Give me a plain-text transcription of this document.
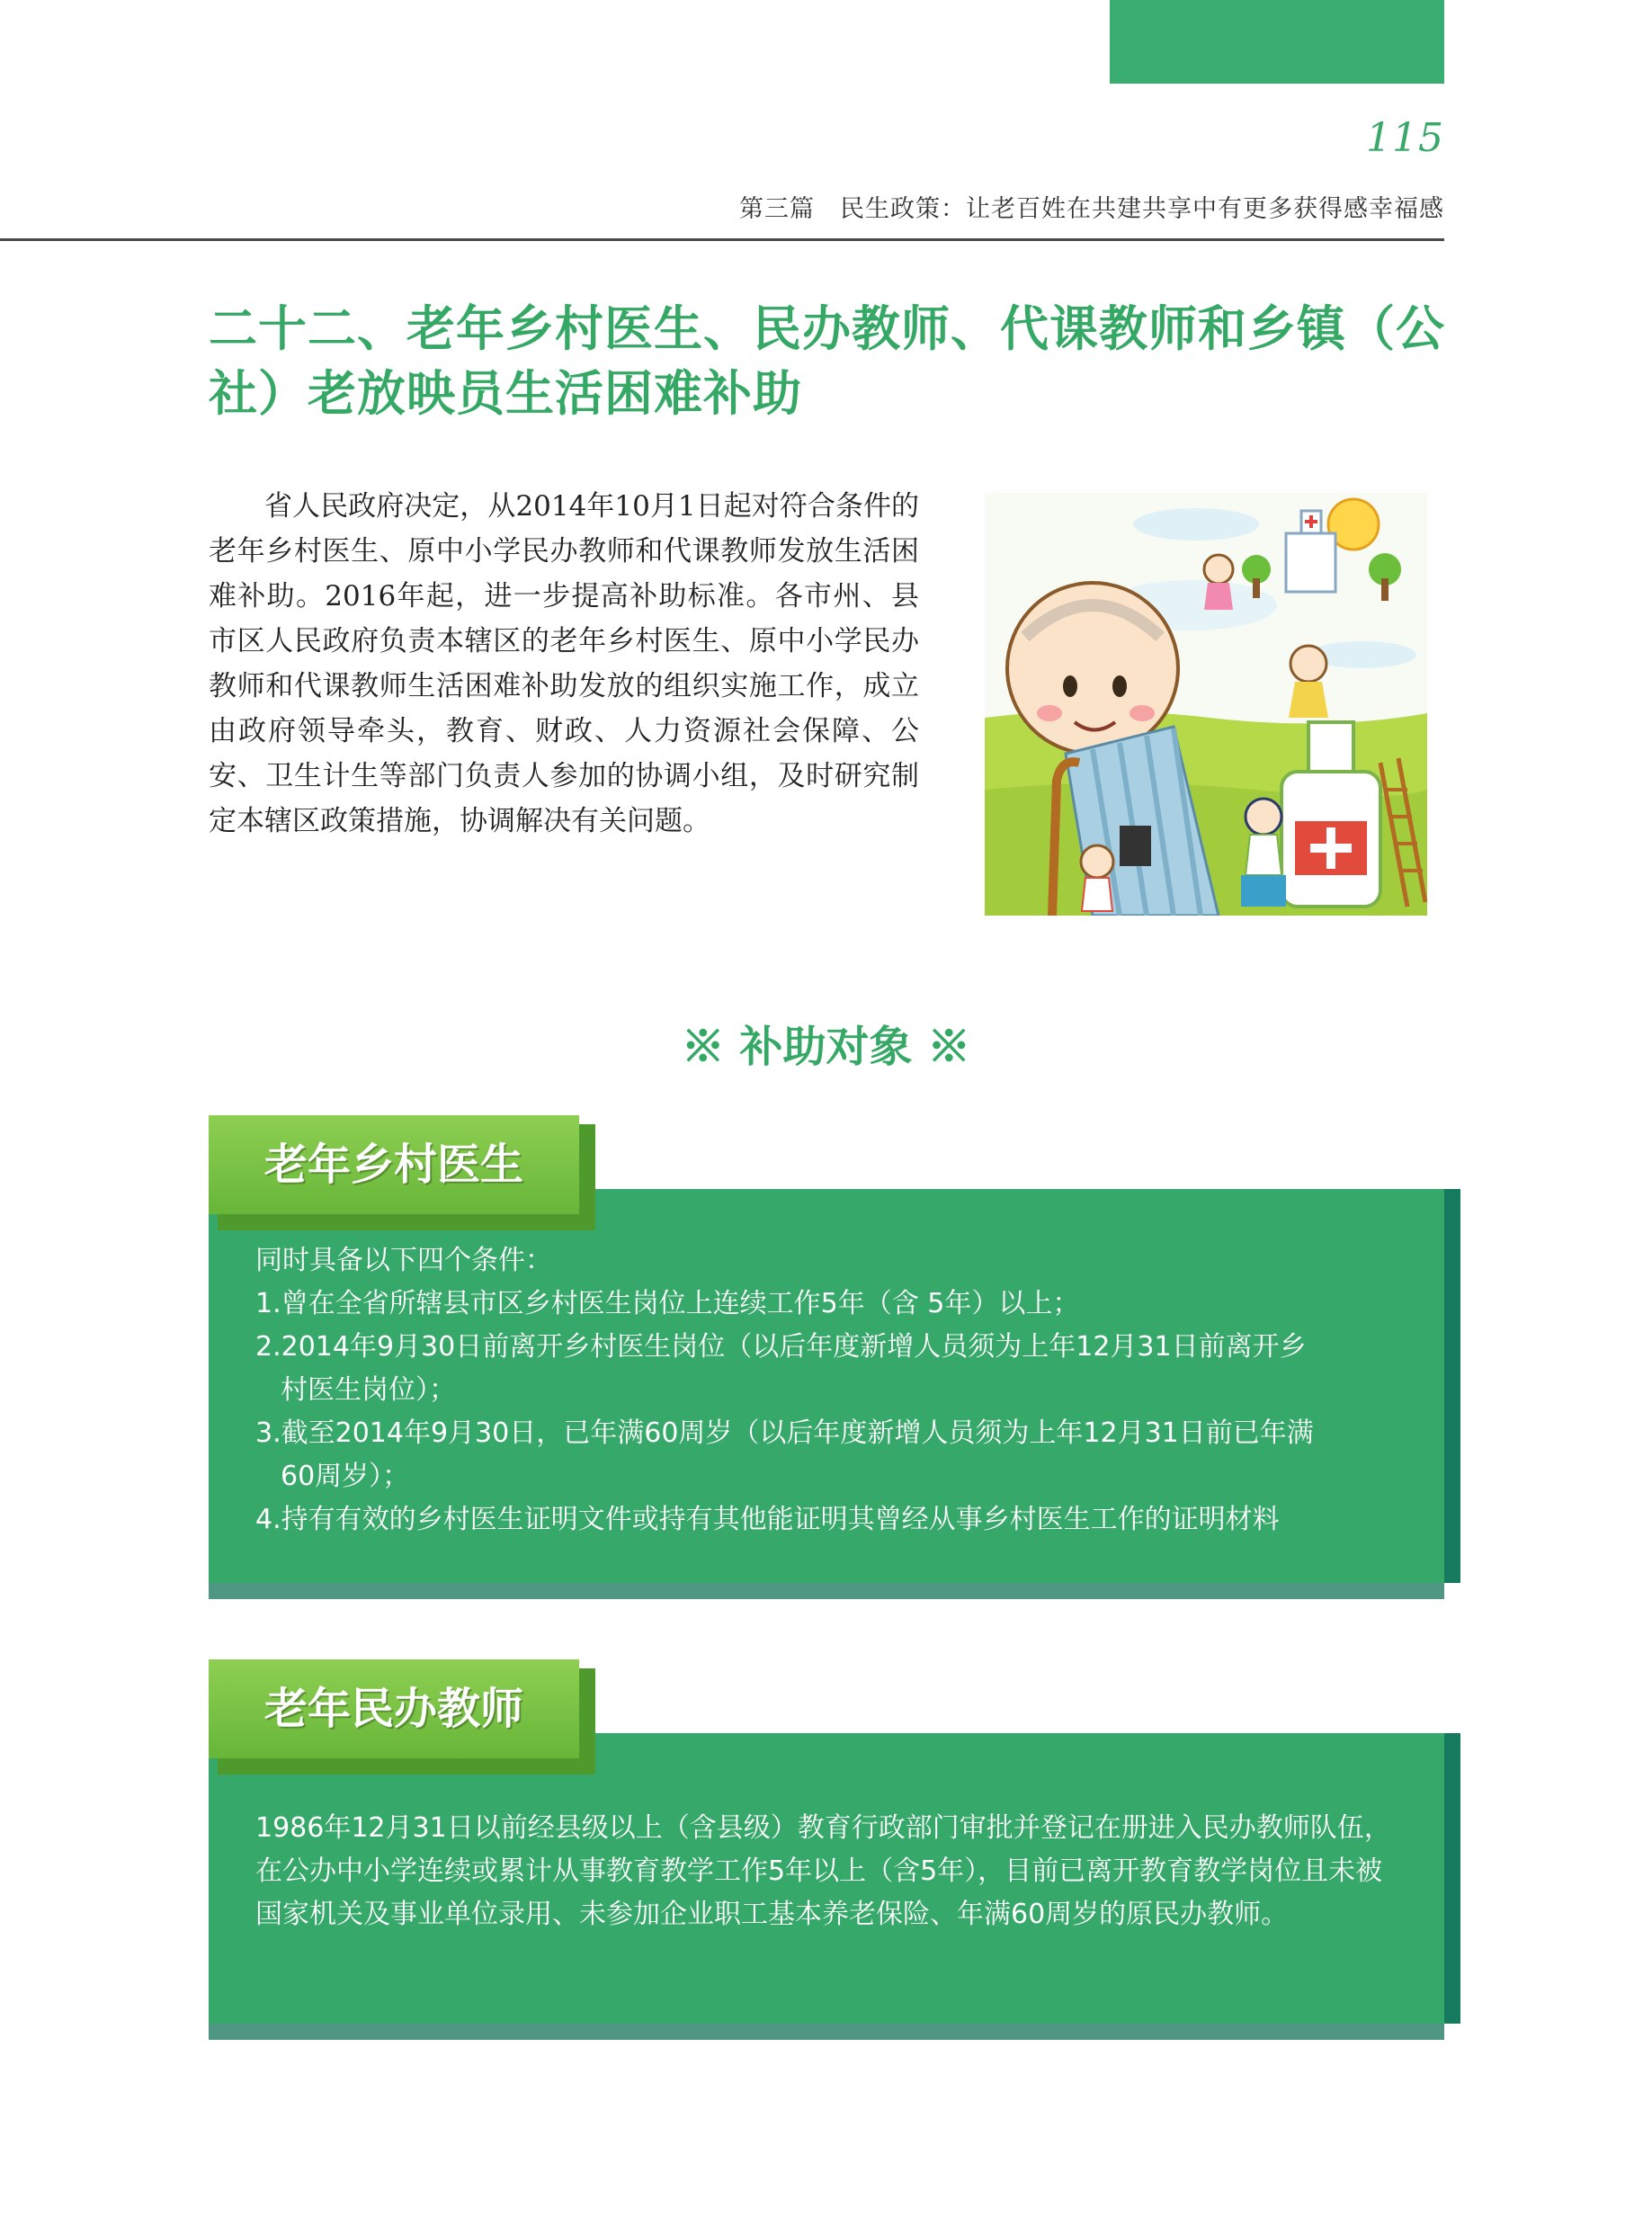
115
第三篇　民生政策：让老百姓在共建共享中有更多获得感幸福感
二十二、老年乡村医生、民办教师、代课教师和乡镇（公社）老放映员生活困难补助

省人民政府决定，从2014年10月1日起对符合条件的老年乡村医生、原中小学民办教师和代课教师发放生活困难补助。2016年起，进一步提高补助标准。各市州、县市区人民政府负责本辖区的老年乡村医生、原中小学民办教师和代课教师生活困难补助发放的组织实施工作，成立由政府领导牵头，教育、财政、人力资源社会保障、公安、卫生计生等部门负责人参加的协调小组，及时研究制定本辖区政策措施，协调解决有关问题。

※ 补助对象 ※

同时具备以下四个条件：

1.曾在全省所辖县市区乡村医生岗位上连续工作5年（含 5年）以上；

2.2014年9月30日前离开乡村医生岗位（以后年度新增人员须为上年12月31日前离开乡

村医生岗位）；

3.截至2014年9月30日，已年满60周岁（以后年度新增人员须为上年12月31日前已年满

60周岁）；

4.持有有效的乡村医生证明文件或持有其他能证明其曾经从事乡村医生工作的证明材料

老年乡村医生

1986年12月31日以前经县级以上（含县级）教育行政部门审批并登记在册进入民办教师队伍，在公办中小学连续或累计从事教育教学工作5年以上（含5年），目前已离开教育教学岗位且未被国家机关及事业单位录用、未参加企业职工基本养老保险、年满60周岁的原民办教师。

老年民办教师
